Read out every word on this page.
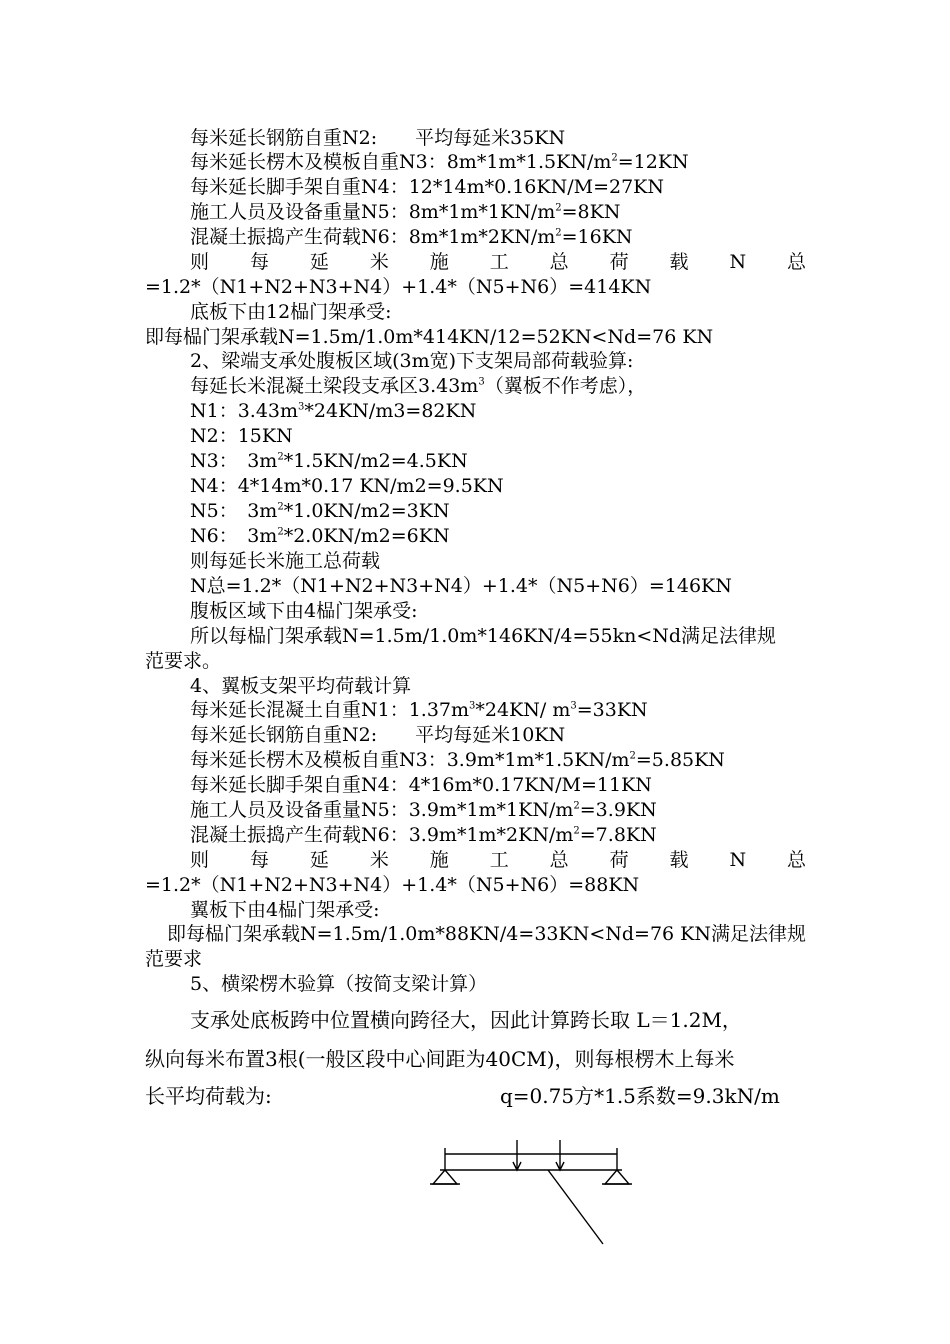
每米延长钢筋自重N2:　　平均每延米35KN
每米延长楞木及模板自重N3：$8m*1m*1.5KN/m^2=12KN$
每米延长脚手架自重N4：12*14m*0.16KN/M=27KN
施工人员及设备重量N5：$8m*1m*1KN/m^2=8KN$
混凝土振捣产生荷载N6：$8m*1m*2KN/m^2=16KN$
则 每 延 米 施 工 总 荷 载 N 总
=1.2*（N1+N2+N3+N4）+1.4*（N5+N6）=414KN
底板下由12榀门架承受:
即每榀门架承载N=1.5m/1.0m*414KN/12=52KN<Nd=76 KN
2、梁端支承处腹板区域(3m宽)下支架局部荷载验算:
每延长米混凝土梁段支承区$3.43m^3$（翼板不作考虑），
N1：$3.43m^3*24KN/m3=82KN$
N2：15KN
N3：　$3m^2*1.5KN/m2=4.5KN$
N4：4*14m*0.17 KN/m2=9.5KN
N5：　$3m^2*1.0KN/m2=3KN$
N6：　$3m^2*2.0KN/m2=6KN$
则每延长米施工总荷载
N总=1.2*（N1+N2+N3+N4）+1.4*（N5+N6）=146KN
腹板区域下由4榀门架承受:
所以每榀门架承载N=1.5m/1.0m*146KN/4=55kn<Nd满足法律规
范要求。
4、翼板支架平均荷载计算
每米延长混凝土自重N1：$1.37m^3*24KN/$ $m^3=33KN$
每米延长钢筋自重N2:　　平均每延米10KN
每米延长楞木及模板自重N3：$3.9m*1m*1.5KN/m^2=5.85KN$
每米延长脚手架自重N4：4*16m*0.17KN/M=11KN
施工人员及设备重量N5：$3.9m*1m*1KN/m^2=3.9KN$
混凝土振捣产生荷载N6：$3.9m*1m*2KN/m^2=7.8KN$
则 每 延 米 施 工 总 荷 载 N 总
=1.2*（N1+N2+N3+N4）+1.4*（N5+N6）=88KN
翼板下由4榀门架承受:
即每榀门架承载N=1.5m/1.0m*88KN/4=33KN<Nd=76 KN满足法律规
范要求
5、横梁楞木验算（按简支梁计算）
支承处底板跨中位置横向跨径大，因此计算跨长取 L＝1.2M，
纵向每米布置3根(一般区段中心间距为40CM)，则每根楞木上每米
长平均荷载为:	q=0.75方*1.5系数=9.3kN/m
